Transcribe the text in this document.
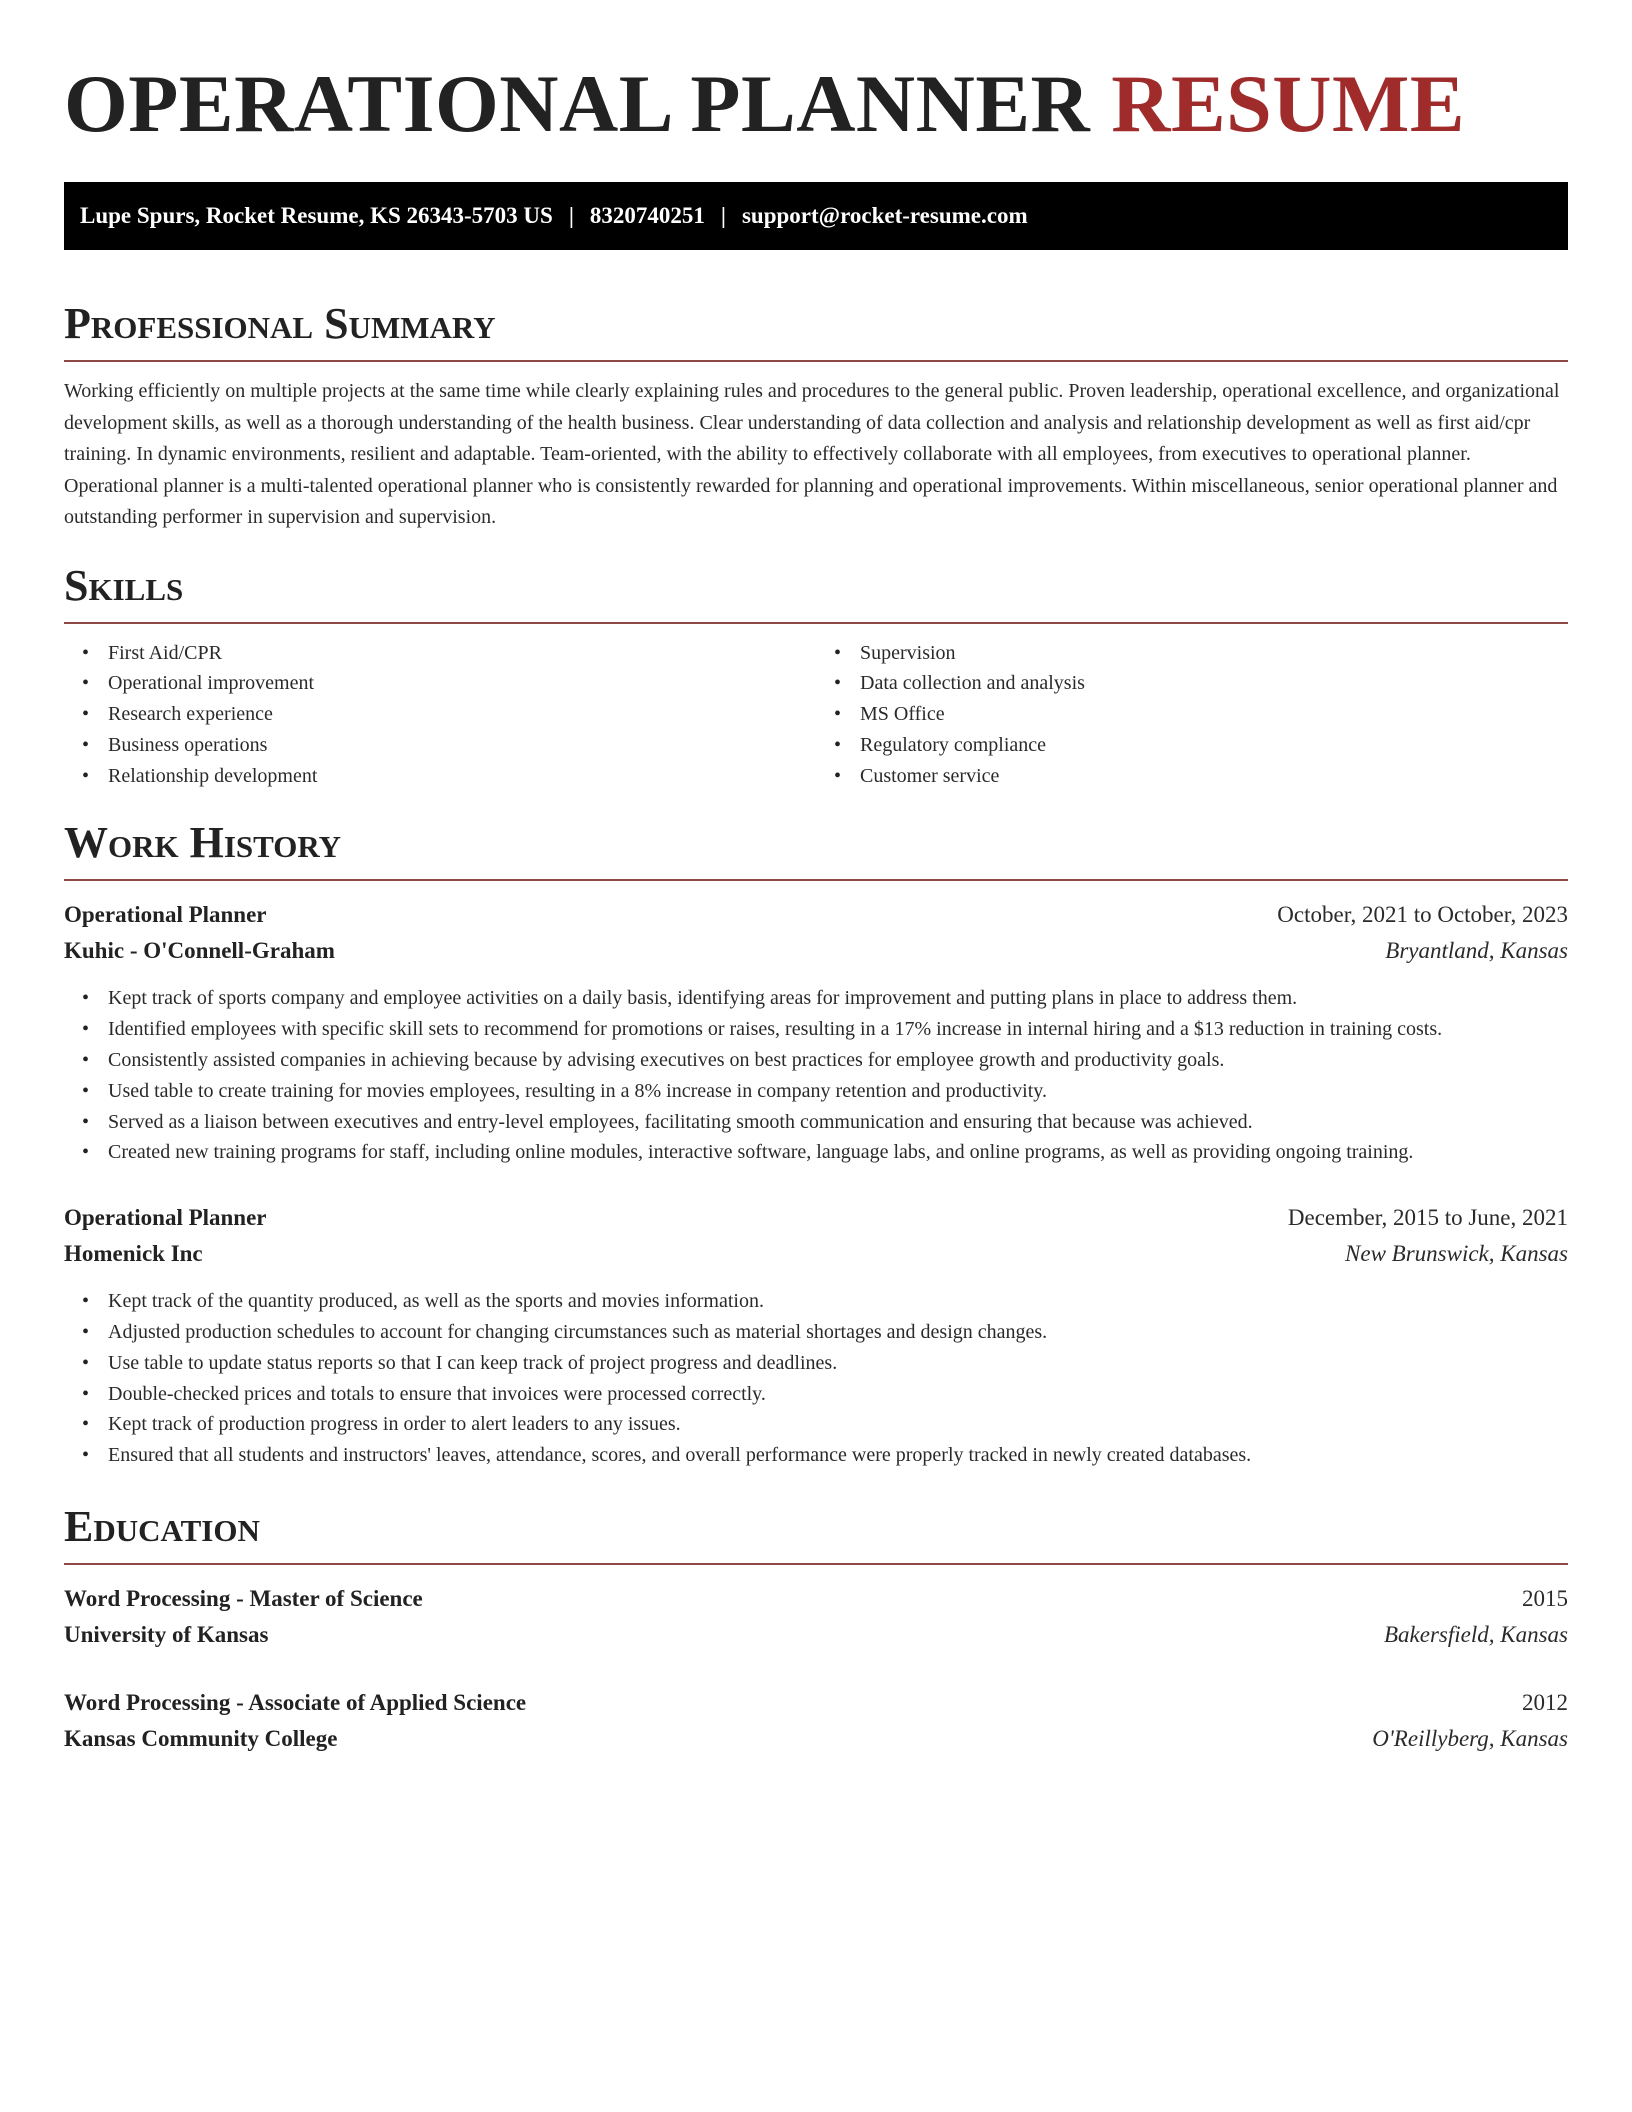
OPERATIONAL PLANNER RESUME
Lupe Spurs, Rocket Resume, KS 26343-5703 US | 8320740251 | support@rocket-resume.com
Professional Summary

Working efficiently on multiple projects at the same time while clearly explaining rules and procedures to the general public. Proven leadership, operational excellence, and organizational development skills, as well as a thorough understanding of the health business. Clear understanding of data collection and analysis and relationship development as well as first aid/cpr training. In dynamic environments, resilient and adaptable. Team-oriented, with the ability to effectively collaborate with all employees, from executives to operational planner. Operational planner is a multi-talented operational planner who is consistently rewarded for planning and operational improvements. Within miscellaneous, senior operational planner and outstanding performer in supervision and supervision.

Skills
• First Aid/CPR
• Operational improvement
• Research experience
• Business operations
• Relationship development
• Supervision
• Data collection and analysis
• MS Office
• Regulatory compliance
• Customer service
Work History
Operational Planner	October, 2021 to October, 2023
Kuhic - O'Connell-Graham	Bryantland, Kansas
• Kept track of sports company and employee activities on a daily basis, identifying areas for improvement and putting plans in place to address them.
• Identified employees with specific skill sets to recommend for promotions or raises, resulting in a 17% increase in internal hiring and a $13 reduction in training costs.
• Consistently assisted companies in achieving because by advising executives on best practices for employee growth and productivity goals.
• Used table to create training for movies employees, resulting in a 8% increase in company retention and productivity.
• Served as a liaison between executives and entry-level employees, facilitating smooth communication and ensuring that because was achieved.
• Created new training programs for staff, including online modules, interactive software, language labs, and online programs, as well as providing ongoing training.
Operational Planner	December, 2015 to June, 2021
Homenick Inc	New Brunswick, Kansas
• Kept track of the quantity produced, as well as the sports and movies information.
• Adjusted production schedules to account for changing circumstances such as material shortages and design changes.
• Use table to update status reports so that I can keep track of project progress and deadlines.
• Double-checked prices and totals to ensure that invoices were processed correctly.
• Kept track of production progress in order to alert leaders to any issues.
• Ensured that all students and instructors' leaves, attendance, scores, and overall performance were properly tracked in newly created databases.
Education
Word Processing - Master of Science	2015
University of Kansas	Bakersfield, Kansas
Word Processing - Associate of Applied Science	2012
Kansas Community College	O'Reillyberg, Kansas
